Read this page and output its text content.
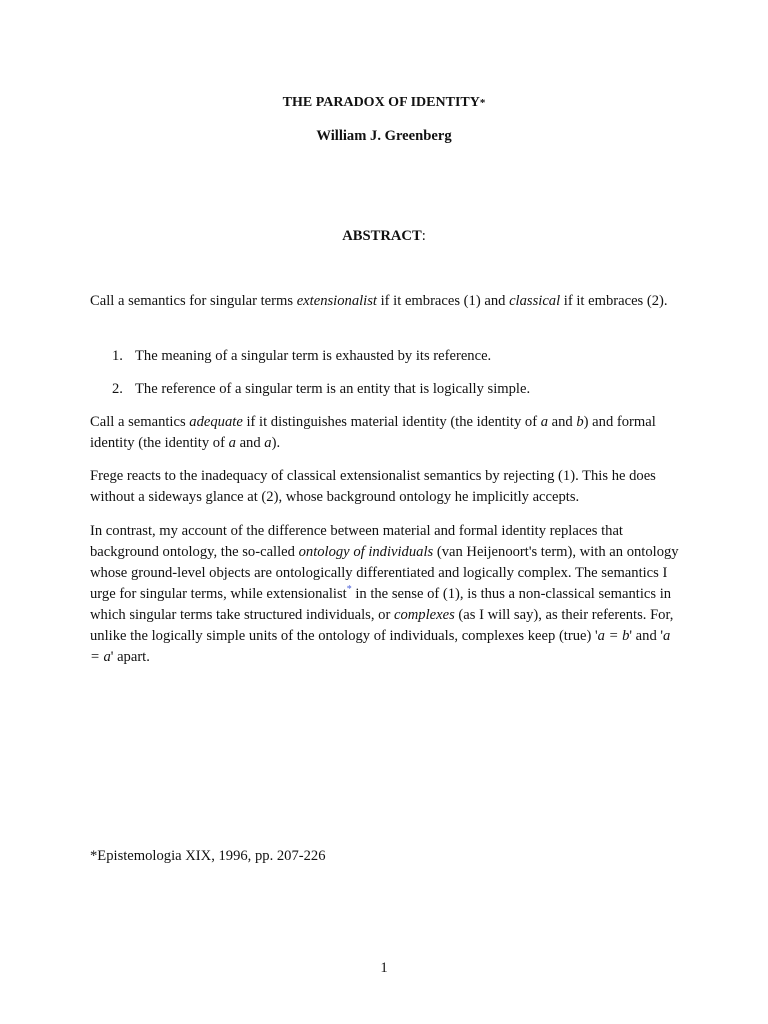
THE PARADOX OF IDENTITY*
William J. Greenberg
ABSTRACT:

Call a semantics for singular terms extensionalist if it embraces (1) and classical if it embraces (2).

1. The meaning of a singular term is exhausted by its reference.

2. The reference of a singular term is an entity that is logically simple.

Call a semantics adequate if it distinguishes material identity (the identity of a and b) and formal identity (the identity of a and a).

Frege reacts to the inadequacy of classical extensionalist semantics by rejecting (1). This he does without a sideways glance at (2), whose background ontology he implicitly accepts.

In contrast, my account of the difference between material and formal identity replaces that background ontology, the so-called ontology of individuals (van Heijenoort's term), with an ontology whose ground-level objects are ontologically differentiated and logically complex. The semantics I urge for singular terms, while extensionalist* in the sense of (1), is thus a non-classical semantics in which singular terms take structured individuals, or complexes (as I will say), as their referents. For, unlike the logically simple units of the ontology of individuals, complexes keep (true) 'a = b' and 'a = a' apart.

*Epistemologia XIX, 1996, pp. 207-226
1
